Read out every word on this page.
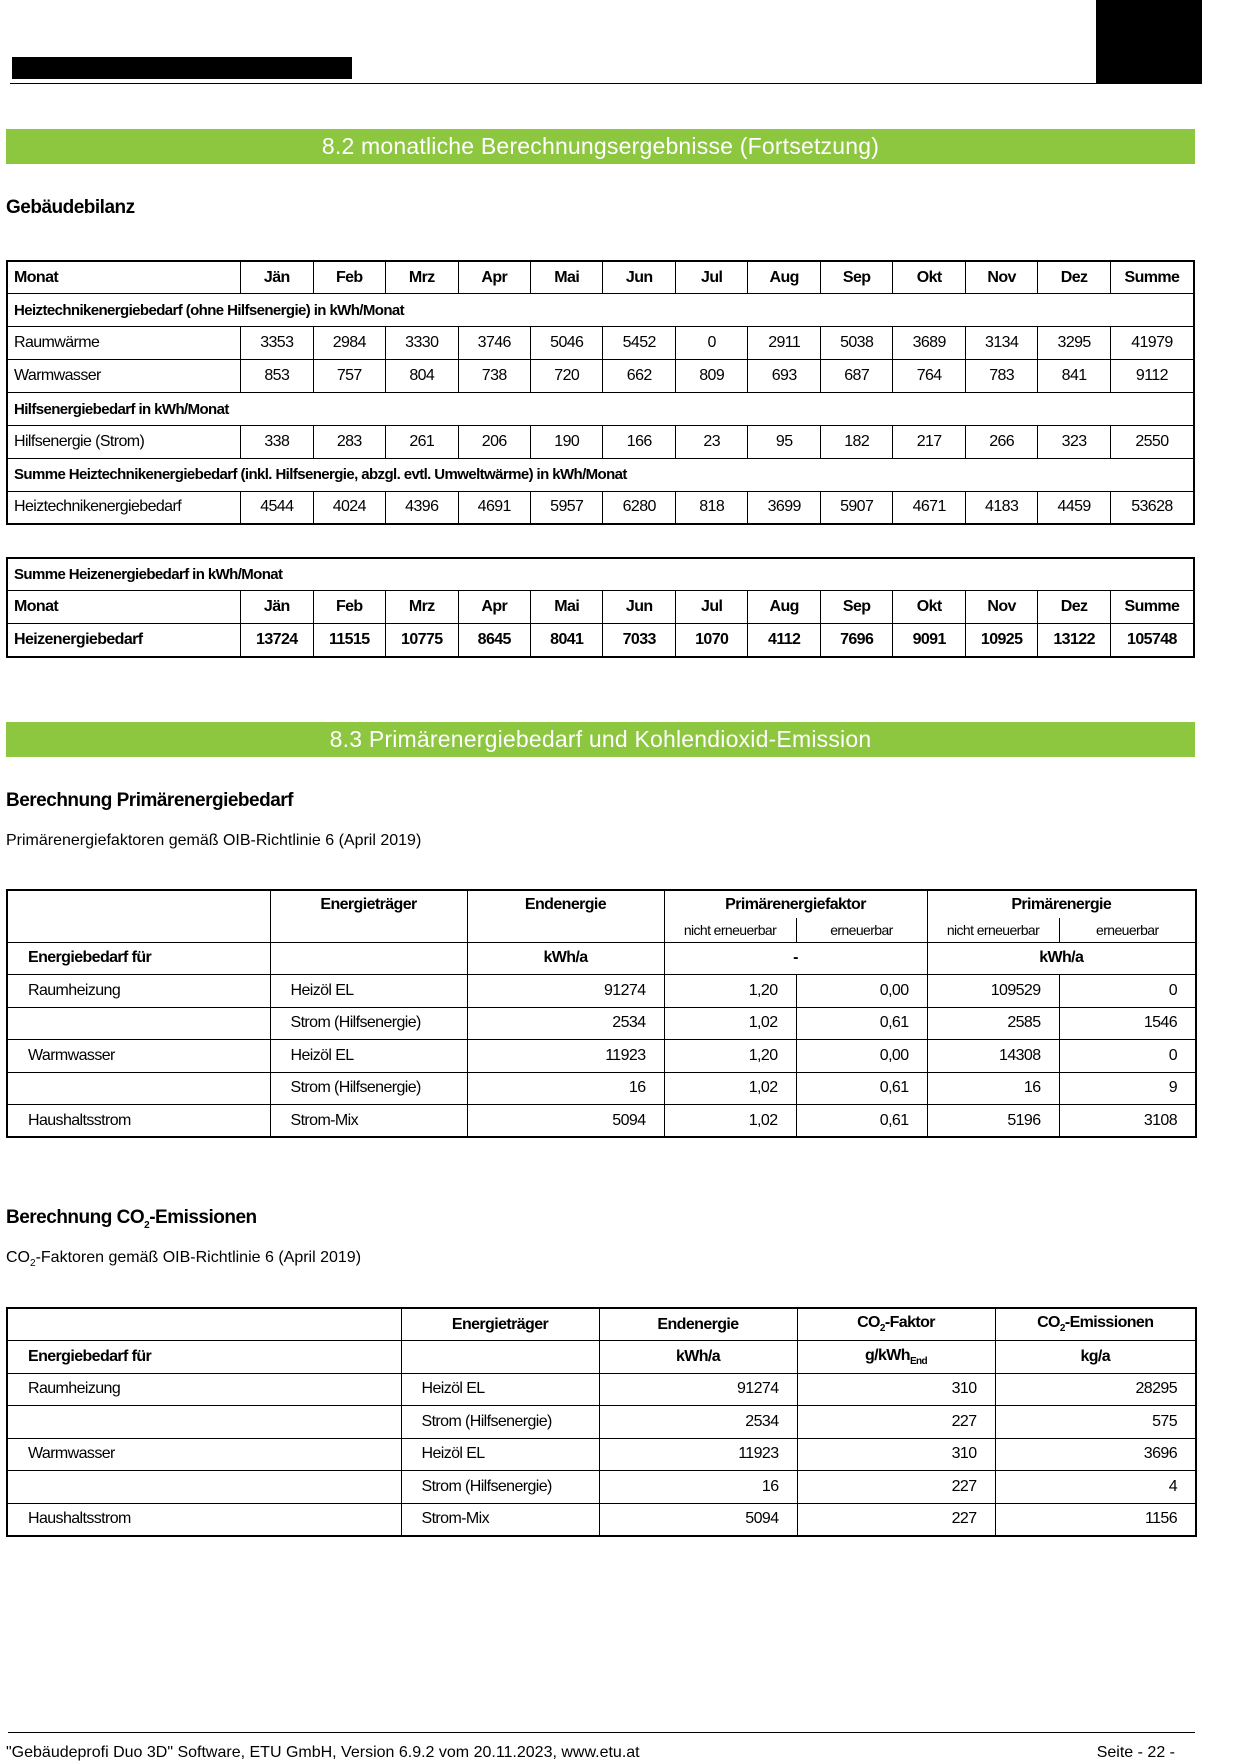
8.2 monatliche Berechnungsergebnisse (Fortsetzung)
Gebäudebilanz
Monat	Jän	Feb	Mrz	Apr	Mai	Jun	Jul	Aug	Sep	Okt	Nov	Dez	Summe
Heiztechnikenergiebedarf (ohne Hilfsenergie) in kWh/Monat													
Raumwärme	3353	2984	3330	3746	5046	5452	0	2911	5038	3689	3134	3295	41979
Warmwasser	853	757	804	738	720	662	809	693	687	764	783	841	9112
Hilfsenergiebedarf in kWh/Monat													
Hilfsenergie (Strom)	338	283	261	206	190	166	23	95	182	217	266	323	2550
Summe Heiztechnikenergiebedarf (inkl. Hilfsenergie, abzgl. evtl. Umweltwärme) in kWh/Monat													
Heiztechnikenergiebedarf	4544	4024	4396	4691	5957	6280	818	3699	5907	4671	4183	4459	53628
Summe Heizenergiebedarf in kWh/Monat													
Monat	Jän	Feb	Mrz	Apr	Mai	Jun	Jul	Aug	Sep	Okt	Nov	Dez	Summe
Heizenergiebedarf	13724	11515	10775	8645	8041	7033	1070	4112	7696	9091	10925	13122	105748
8.3 Primärenergiebedarf und Kohlendioxid-Emission
Berechnung Primärenergiebedarf
Primärenergiefaktoren gemäß OIB-Richtlinie 6 (April 2019)
	Energieträger	Endenergie	Primärenergiefaktor		Primärenergie	
			nicht erneuerbar	erneuerbar	nicht erneuerbar	erneuerbar
Energiebedarf für		kWh/a	-		kWh/a	
Raumheizung	Heizöl EL	91274	1,20	0,00	109529	0
	Strom (Hilfsenergie)	2534	1,02	0,61	2585	1546
Warmwasser	Heizöl EL	11923	1,20	0,00	14308	0
	Strom (Hilfsenergie)	16	1,02	0,61	16	9
Haushaltsstrom	Strom-Mix	5094	1,02	0,61	5196	3108
Berechnung $CO_2$-Emissionen
$CO_2$-Faktoren gemäß OIB-Richtlinie 6 (April 2019)
	Energieträger	Endenergie	$CO_2$-Faktor	$CO_2$-Emissionen
Energiebedarf für		kWh/a	g/kWh$_{End}$	kg/a
Raumheizung	Heizöl EL	91274	310	28295
	Strom (Hilfsenergie)	2534	227	575
Warmwasser	Heizöl EL	11923	310	3696
	Strom (Hilfsenergie)	16	227	4
Haushaltsstrom	Strom-Mix	5094	227	1156
"Gebäudeprofi Duo 3D" Software, ETU GmbH, Version 6.9.2 vom 20.11.2023, www.etu.at	Seite - 22 -
